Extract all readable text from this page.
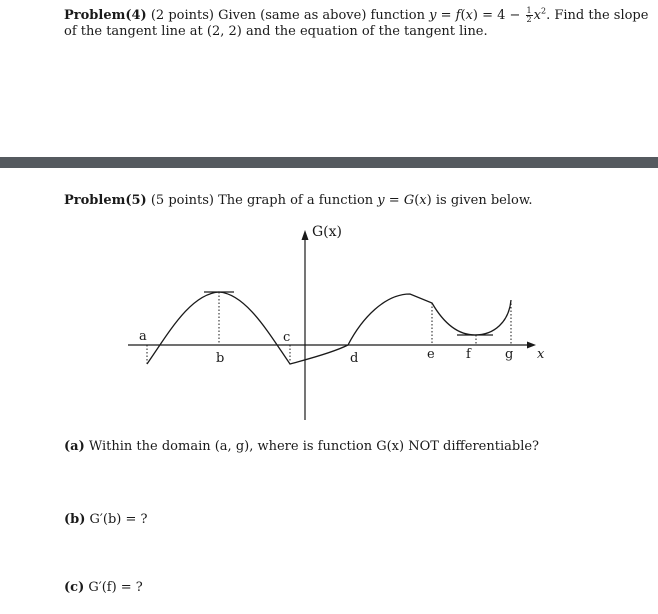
Problem(4) (2 points) Given (same as above) function $y = f(x) = 4 - \frac{1}{2} x^2$. Find the slope
of the tangent line at (2, 2) and the equation of the tangent line.
Problem(5) (5 points) The graph of a function y = G(x) is given below.
G(x)
x
a
b
c
d	e f	g
(a) Within the domain (a, g), where is function G(x) NOT differentiable?
(b) G′(b) = ?
(c) G′(f) = ?
